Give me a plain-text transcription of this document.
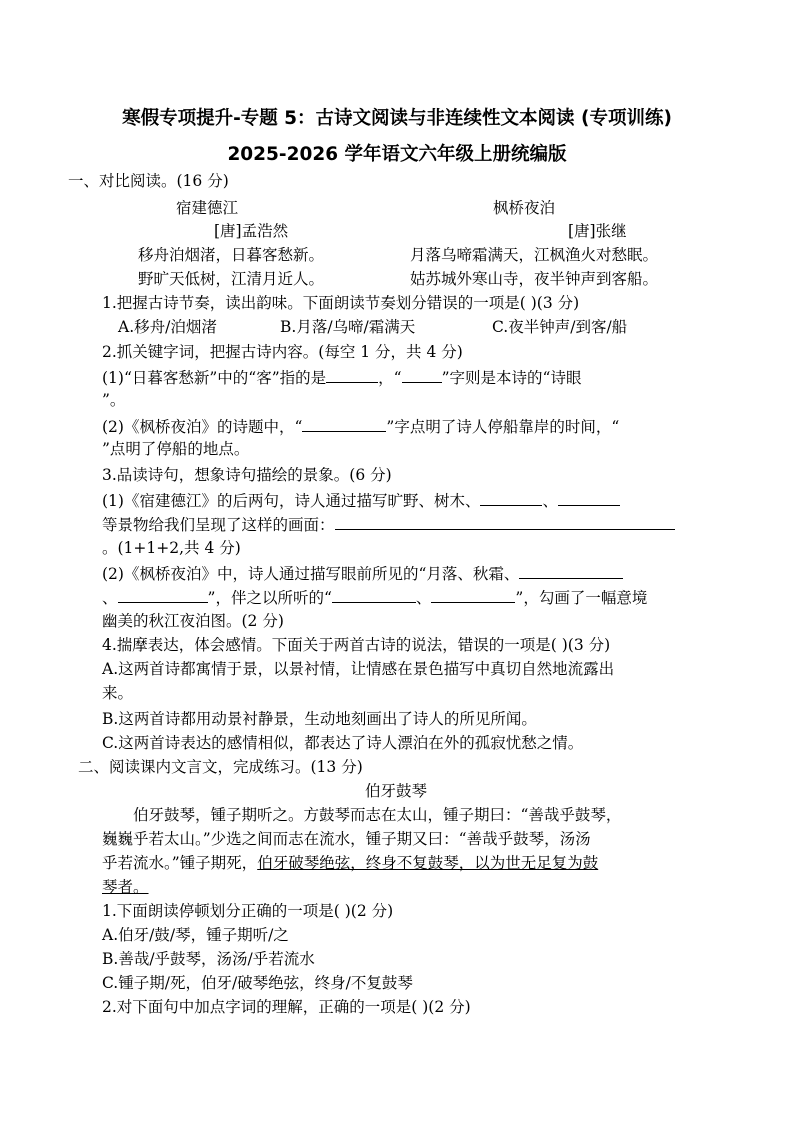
寒假专项提升-专题 5：古诗文阅读与非连续性文本阅读 (专项训练)
2025-2026 学年语文六年级上册统编版
一、对比阅读。(16 分)
宿建德江	枫桥夜泊
[唐]孟浩然	[唐]张继
移舟泊烟渚，日暮客愁新。	月落乌啼霜满天，江枫渔火对愁眠。
野旷天低树，江清月近人。	姑苏城外寒山寺，夜半钟声到客船。
1.把握古诗节奏，读出韵味。下面朗读节奏划分错误的一项是( )(3 分)
A.移舟/泊烟渚	B.月落/乌啼/霜满天	C.夜半钟声/到客/船
2.抓关键字词，把握古诗内容。(每空 1 分，共 4 分)
(1)“日暮客愁新”中的“客”指的是	，“	”字则是本诗的“诗眼
”。
(2)《枫桥夜泊》的诗题中，“	”字点明了诗人停船靠岸的时间，“
”点明了停船的地点。
3.品读诗句，想象诗句描绘的景象。(6 分)
(1)《宿建德江》的后两句，诗人通过描写旷野、树木、	、
等景物给我们呈现了这样的画面：
。(1+1+2,共 4 分)
(2)《枫桥夜泊》中，诗人通过描写眼前所见的“月落、秋霜、
、	”，伴之以所听的“	、	”，勾画了一幅意境
幽美的秋江夜泊图。(2 分)
4.揣摩表达，体会感情。下面关于两首古诗的说法，错误的一项是( )(3 分)
A.这两首诗都寓情于景，以景衬情，让情感在景色描写中真切自然地流露出
来。
B.这两首诗都用动景衬静景，生动地刻画出了诗人的所见所闻。
C.这两首诗表达的感情相似，都表达了诗人漂泊在外的孤寂忧愁之情。
二、阅读课内文言文，完成练习。(13 分)
伯牙鼓琴
伯牙鼓琴，锺子期听之。方鼓琴而志在太山，锺子期曰：“善哉乎鼓琴，
巍巍乎若太山。”少选之间而志在流水，锺子期又曰：“善哉乎鼓琴，汤汤
乎若流水。”锺子期死，伯牙破琴绝弦，终身不复鼓琴，以为世无足复为鼓
琴者。
1.下面朗读停顿划分正确的一项是( )(2 分)
A.伯牙/鼓/琴，锺子期听/之
B.善哉/乎鼓琴，汤汤/乎若流水
C.锺子期/死，伯牙/破琴绝弦，终身/不复鼓琴
2.对下面句中加点字词的理解，正确的一项是( )(2 分)
